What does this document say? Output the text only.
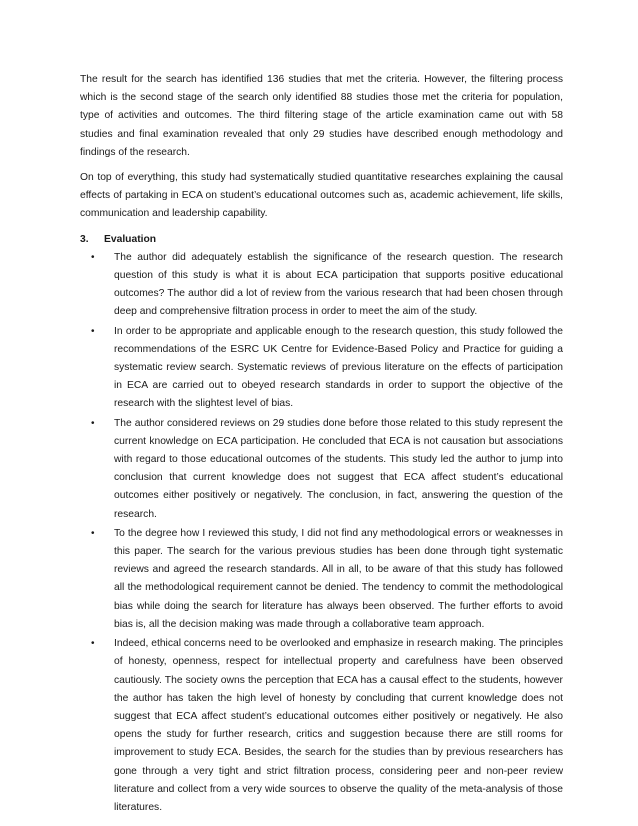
The result for the search has identified 136 studies that met the criteria. However, the filtering process which is the second stage of the search only identified 88 studies those met the criteria for population, type of activities and outcomes. The third filtering stage of the article examination came out with 58 studies and final examination revealed that only 29 studies have described enough methodology and findings of the research.

On top of everything, this study had systematically studied quantitative researches explaining the causal effects of partaking in ECA on student’s educational outcomes such as, academic achievement, life skills, communication and leadership capability.

3.	Evaluation
• The author did adequately establish the significance of the research question. The research question of this study is what it is about ECA participation that supports positive educational outcomes? The author did a lot of review from the various research that had been chosen through deep and comprehensive filtration process in order to meet the aim of the study.
• In order to be appropriate and applicable enough to the research question, this study followed the recommendations of the ESRC UK Centre for Evidence-Based Policy and Practice for guiding a systematic review search. Systematic reviews of previous literature on the effects of participation in ECA are carried out to obeyed research standards in order to support the objective of the research with the slightest level of bias.
• The author considered reviews on 29 studies done before those related to this study represent the current knowledge on ECA participation. He concluded that ECA is not causation but associations with regard to those educational outcomes of the students. This study led the author to jump into conclusion that current knowledge does not suggest that ECA affect student’s educational outcomes either positively or negatively. The conclusion, in fact, answering the question of the research.
• To the degree how I reviewed this study, I did not find any methodological errors or weaknesses in this paper. The search for the various previous studies has been done through tight systematic reviews and agreed the research standards. All in all, to be aware of that this study has followed all the methodological requirement cannot be denied. The tendency to commit the methodological bias while doing the search for literature has always been observed. The further efforts to avoid bias is, all the decision making was made through a collaborative team approach.
• Indeed, ethical concerns need to be overlooked and emphasize in research making. The principles of honesty, openness, respect for intellectual property and carefulness have been observed cautiously. The society owns the perception that ECA has a causal effect to the students, however the author has taken the high level of honesty by concluding that current knowledge does not suggest that ECA affect student’s educational outcomes either positively or negatively. He also opens the study for further research, critics and suggestion because there are still rooms for improvement to study ECA. Besides, the search for the studies than by previous researchers has gone through a very tight and strict filtration process, considering peer and non-peer review literature and collect from a very wide sources to observe the quality of the meta-analysis of those literatures.
